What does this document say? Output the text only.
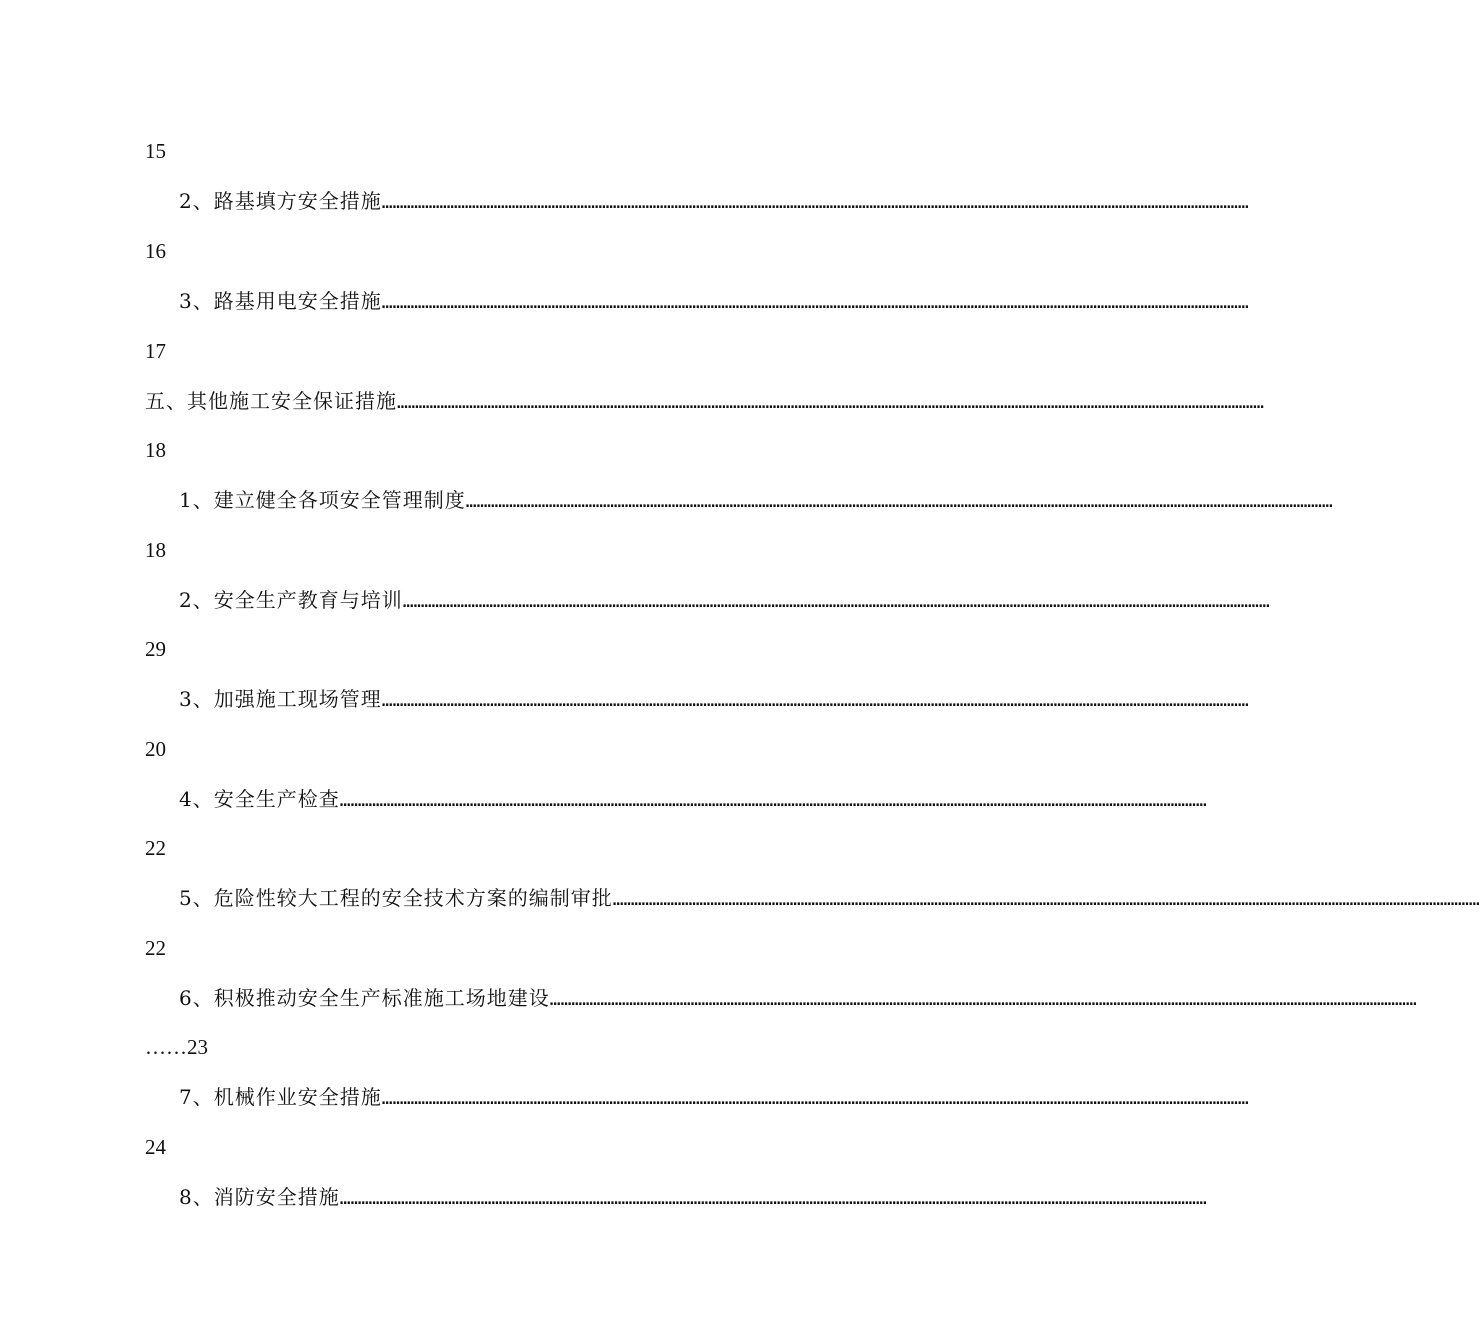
15
2、路基填方安全措施 ……………………………………………………………………………………………………………………………………………………………………………………………………………………
16
3、路基用电安全措施 ……………………………………………………………………………………………………………………………………………………………………………………………………………………
17
五、其他施工安全保证措施 ……………………………………………………………………………………………………………………………………………………………………………………………………………………
18
1、建立健全各项安全管理制度 ……………………………………………………………………………………………………………………………………………………………………………………………………………………
18
2、安全生产教育与培训 ……………………………………………………………………………………………………………………………………………………………………………………………………………………
29
3、加强施工现场管理 ……………………………………………………………………………………………………………………………………………………………………………………………………………………
20
4、安全生产检查 ……………………………………………………………………………………………………………………………………………………………………………………………………………………
22
5、危险性较大工程的安全技术方案的编制审批 ……………………………………………………………………………………………………………………………………………………………………………………………………………………
22
6、积极推动安全生产标准施工场地建设 ……………………………………………………………………………………………………………………………………………………………………………………………………………………
……23
7、机械作业安全措施 ……………………………………………………………………………………………………………………………………………………………………………………………………………………
24
8、消防安全措施 ……………………………………………………………………………………………………………………………………………………………………………………………………………………
